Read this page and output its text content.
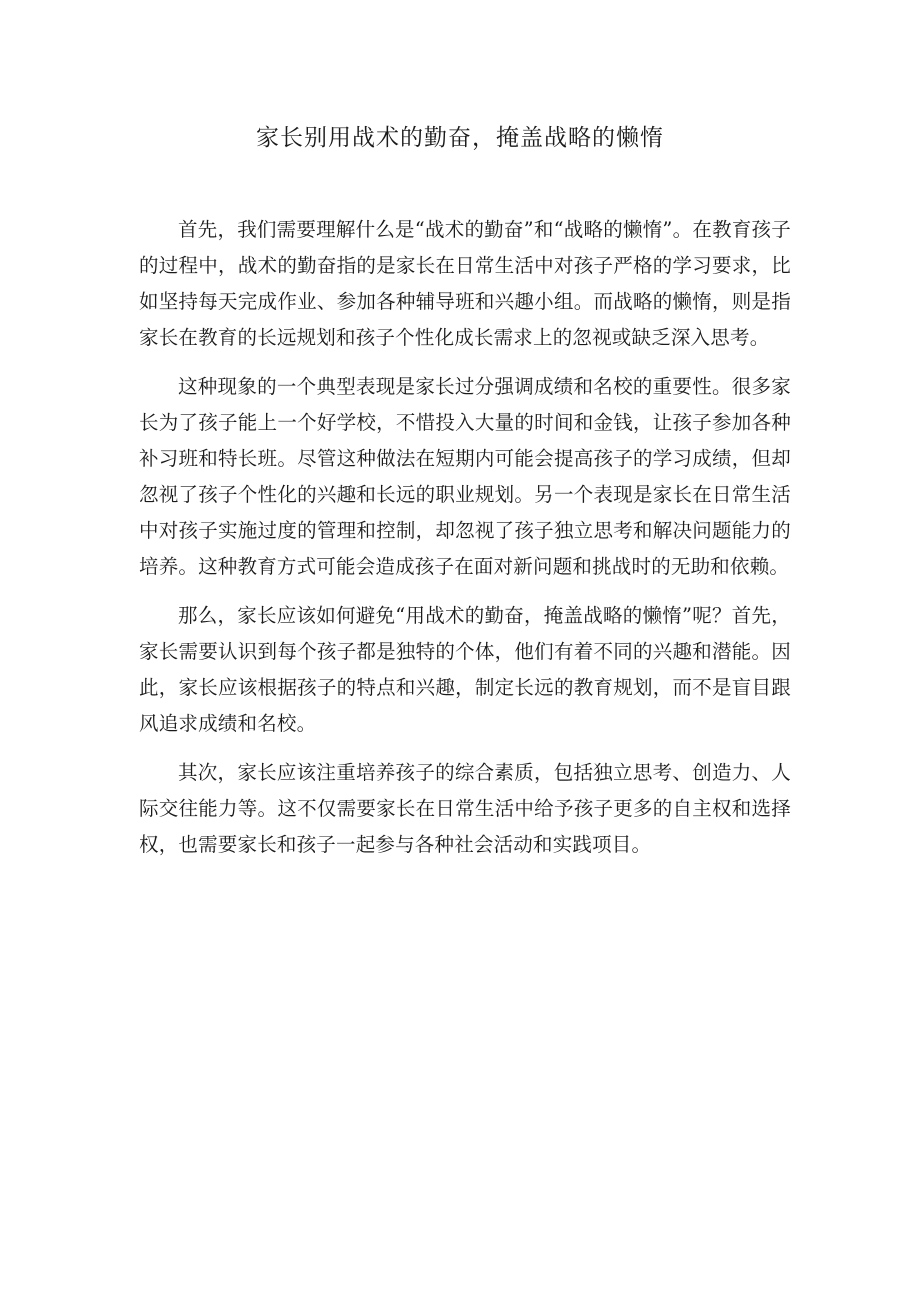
家长别用战术的勤奋，掩盖战略的懒惰

首先，我们需要理解什么是“战术的勤奋”和“战略的懒惰”。在教育孩子的过程中，战术的勤奋指的是家长在日常生活中对孩子严格的学习要求，比如坚持每天完成作业、参加各种辅导班和兴趣小组。而战略的懒惰，则是指家长在教育的长远规划和孩子个性化成长需求上的忽视或缺乏深入思考。

这种现象的一个典型表现是家长过分强调成绩和名校的重要性。很多家长为了孩子能上一个好学校，不惜投入大量的时间和金钱，让孩子参加各种补习班和特长班。尽管这种做法在短期内可能会提高孩子的学习成绩，但却忽视了孩子个性化的兴趣和长远的职业规划。另一个表现是家长在日常生活中对孩子实施过度的管理和控制，却忽视了孩子独立思考和解决问题能力的培养。这种教育方式可能会造成孩子在面对新问题和挑战时的无助和依赖。

那么，家长应该如何避免“用战术的勤奋，掩盖战略的懒惰”呢？首先，家长需要认识到每个孩子都是独特的个体，他们有着不同的兴趣和潜能。因此，家长应该根据孩子的特点和兴趣，制定长远的教育规划，而不是盲目跟风追求成绩和名校。

其次，家长应该注重培养孩子的综合素质，包括独立思考、创造力、人际交往能力等。这不仅需要家长在日常生活中给予孩子更多的自主权和选择权，也需要家长和孩子一起参与各种社会活动和实践项目。
